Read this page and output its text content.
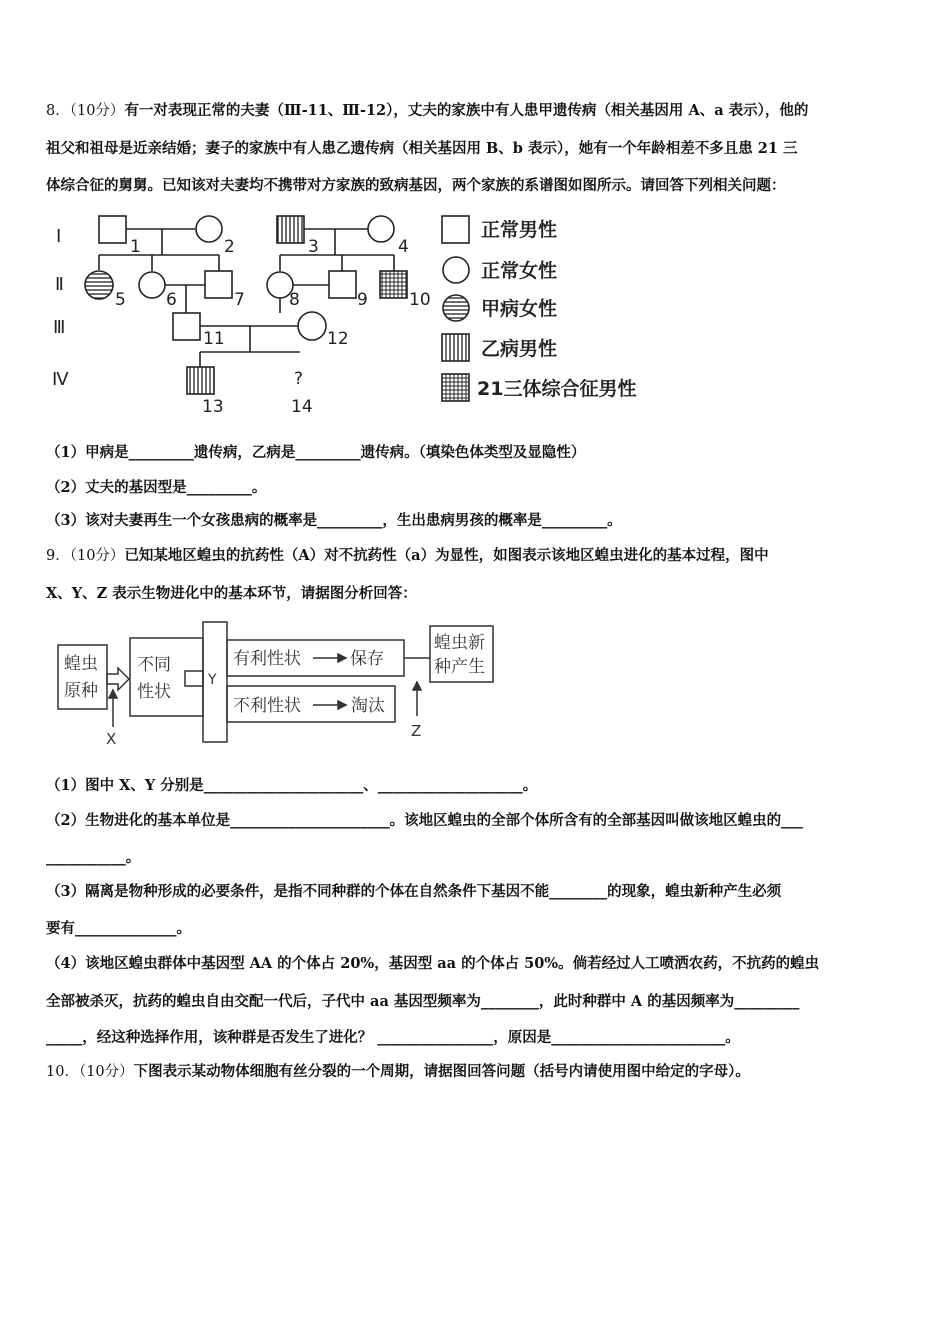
8．（10分）有一对表现正常的夫妻（Ⅲ-11、Ⅲ-12），丈夫的家族中有人患甲遗传病（相关基因用 A、a 表示），他的
祖父和祖母是近亲结婚；妻子的家族中有人患乙遗传病（相关基因用 B、b 表示），她有一个年龄相差不多且患 21 三
体综合征的舅舅。已知该对夫妻均不携带对方家族的致病基因，两个家族的系谱图如图所示。请回答下列相关问题：
Ⅰ
Ⅱ
Ⅲ
Ⅳ
1	2	3	4
5 6	7	8	9 10
11	12
13
?
14
正常男性
正常女性
甲病女性
乙病男性
21三体综合征男性
（1）甲病是_________遗传病，乙病是_________遗传病。（填染色体类型及显隐性）
（2）丈夫的基因型是_________。
（3）该对夫妻再生一个女孩患病的概率是_________，生出患病男孩的概率是_________。
9．（10分）已知某地区蝗虫的抗药性（A）对不抗药性（a）为显性，如图表示该地区蝗虫进化的基本过程，图中
X、Y、Z 表示生物进化中的基本环节，请据图分析回答：
蝗虫
原种
不同
性状
Y
有利性状	保存
不利性状	淘汰
蝗虫新
种产生
X	Z
（1）图中 X、Y 分别是______________________、____________________。
（2）生物进化的基本单位是______________________。该地区蝗虫的全部个体所含有的全部基因叫做该地区蝗虫的___
___________。
（3）隔离是物种形成的必要条件，是指不同种群的个体在自然条件下基因不能________的现象，蝗虫新种产生必须
要有______________。
（4）该地区蝗虫群体中基因型 AA 的个体占 20%，基因型 aa 的个体占 50%。倘若经过人工喷洒农药，不抗药的蝗虫
全部被杀灭，抗药的蝗虫自由交配一代后，子代中 aa 基因型频率为________，此时种群中 A 的基因频率为_________
_____，经这种选择作用，该种群是否发生了进化？ ________________，原因是________________________。
10．（10分）下图表示某动物体细胞有丝分裂的一个周期，请据图回答问题（括号内请使用图中给定的字母）。
